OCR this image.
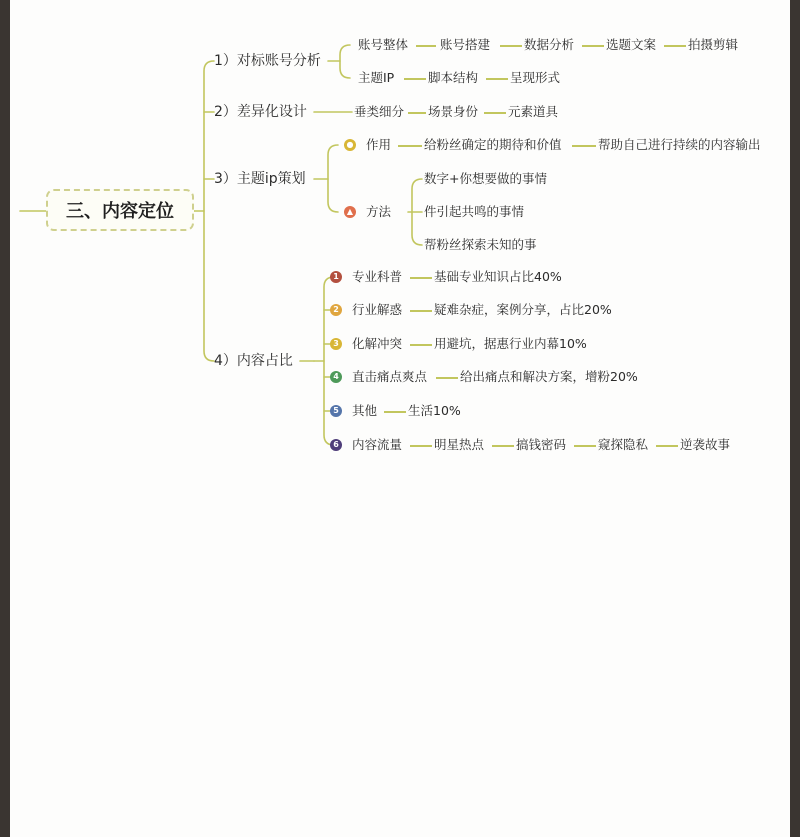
三、内容定位
1）对标账号分析
2）差异化设计
3）主题ip策划
4）内容占比
账号整体	账号搭建	数据分析	选题文案	拍摄剪辑
主题IP	脚本结构	呈现形式
垂类细分 场景身份 元素道具
● 作用	给粉丝确定的期待和价值	帮助自己进行持续的内容输出
▲ 方法
数字+你想要做的事情
件引起共鸣的事情
帮粉丝探索未知的事
1 专业科普	基础专业知识占比40%
2 行业解惑	疑难杂症，案例分享，占比20%
3 化解冲突	用避坑，据惠行业内幕10%
4 直击痛点爽点	给出痛点和解决方案，增粉20%
5 其他 生活10%
6 内容流量	明星热点	搞钱密码	窥探隐私	逆袭故事
